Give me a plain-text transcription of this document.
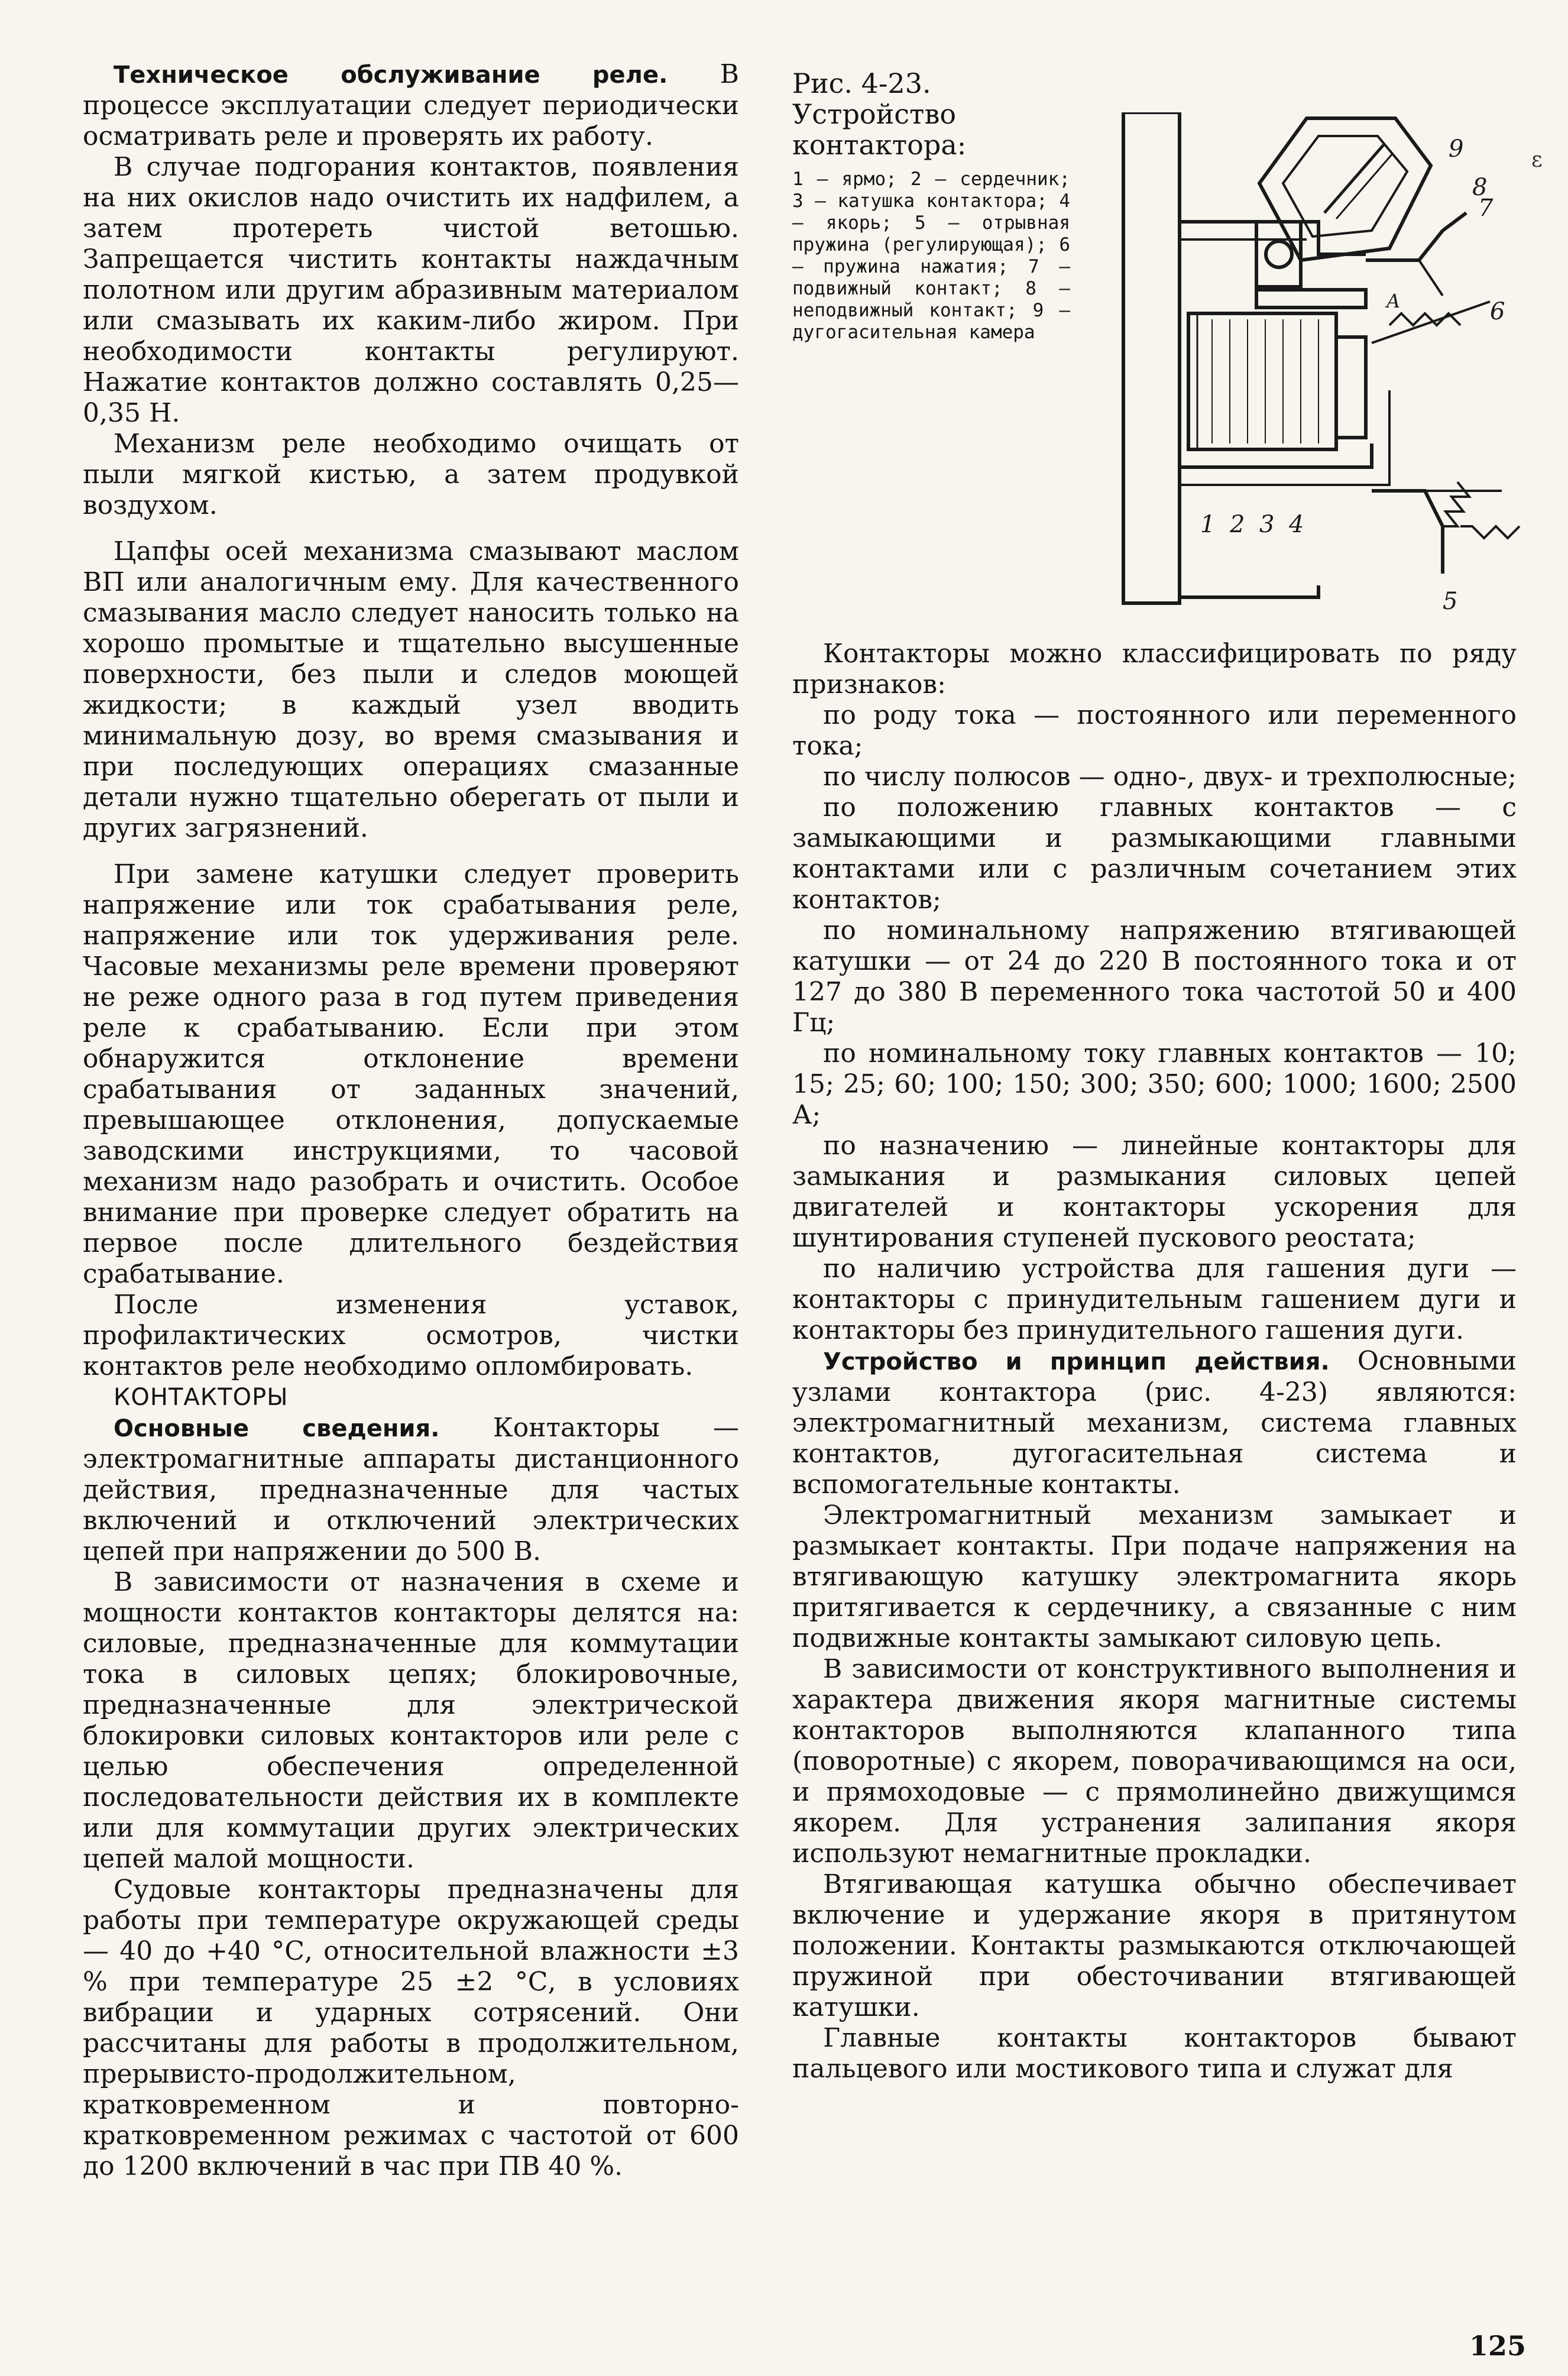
Техническое обслуживание реле. В процессе эксплуатации следует периодически осматривать реле и проверять их работу.

В случае подгорания контактов, появления на них окислов надо очистить их надфилем, а затем протереть чистой ветошью. Запрещается чистить контакты наждачным полотном или другим абразивным материалом или смазывать их каким-либо жиром. При необходимости контакты регулируют. Нажатие контактов должно составлять 0,25—0,35 Н.

Механизм реле необходимо очищать от пыли мягкой кистью, а затем продувкой воздухом.

Цапфы осей механизма смазывают маслом ВП или аналогичным ему. Для качественного смазывания масло следует наносить только на хорошо промытые и тщательно высушенные поверхности, без пыли и следов моющей жидкости; в каждый узел вводить минимальную дозу, во время смазывания и при последующих операциях смазанные детали нужно тщательно оберегать от пыли и других загрязнений.

При замене катушки следует проверить напряжение или ток срабатывания реле, напряжение или ток удерживания реле. Часовые механизмы реле времени проверяют не реже одного раза в год путем приведения реле к срабатыванию. Если при этом обнаружится отклонение времени срабатывания от заданных значений, превышающее отклонения, допускаемые заводскими инструкциями, то часовой механизм надо разобрать и очистить. Особое внимание при проверке следует обратить на первое после длительного бездействия срабатывание.

После изменения уставок, профилактических осмотров, чистки контактов реле необходимо опломбировать.

КОНТАКТОРЫ

Основные сведения. Контакторы — электромагнитные аппараты дистанционного действия, предназначенные для частых включений и отключений электрических цепей при напряжении до 500 В.

В зависимости от назначения в схеме и мощности контактов контакторы делятся на: силовые, предназначенные для коммутации тока в силовых цепях; блокировочные, предназначенные для электрической блокировки силовых контакторов или реле с целью обеспечения определенной последовательности действия их в комплекте или для коммутации других электрических цепей малой мощности.

Судовые контакторы предназначены для работы при температуре окружающей среды — 40 до +40 °С, относительной влажности ±3 % при температуре 25 ±2 °С, в условиях вибрации и ударных сотрясений. Они рассчитаны для работы в продолжительном, прерывисто-продолжительном, кратковременном и повторно-кратковременном режимах с частотой от 600 до 1200 включений в час при ПВ 40 %.

Рис. 4-23. Устройство контактора:

1 — ярмо; 2 — сердечник; 3 — катушка контактора; 4 — якорь; 5 — отрывная пружина (регулирующая); 6 — пружина нажатия; 7 — подвижный контакт; 8 — неподвижный контакт; 9 — дугогасительная камера
1 2 3 4
5
6
7
8
9
A
ε

Контакторы можно классифицировать по ряду признаков:

по роду тока — постоянного или переменного тока;

по числу полюсов — одно-, двух- и трехполюсные;

по положению главных контактов — с замыкающими и размыкающими главными контактами или с различным сочетанием этих контактов;

по номинальному напряжению втягивающей катушки — от 24 до 220 В постоянного тока и от 127 до 380 В переменного тока частотой 50 и 400 Гц;

по номинальному току главных контактов — 10; 15; 25; 60; 100; 150; 300; 350; 600; 1000; 1600; 2500 А;

по назначению — линейные контакторы для замыкания и размыкания силовых цепей двигателей и контакторы ускорения для шунтирования ступеней пускового реостата;

по наличию устройства для гашения дуги — контакторы с принудительным гашением дуги и контакторы без принудительного гашения дуги.

Устройство и принцип действия. Основными узлами контактора (рис. 4-23) являются: электромагнитный механизм, система главных контактов, дугогасительная система и вспомогательные контакты.

Электромагнитный механизм замыкает и размыкает контакты. При подаче напряжения на втягивающую катушку электромагнита якорь притягивается к сердечнику, а связанные с ним подвижные контакты замыкают силовую цепь.

В зависимости от конструктивного выполнения и характера движения якоря магнитные системы контакторов выполняются клапанного типа (поворотные) с якорем, поворачивающимся на оси, и прямоходовые — с прямолинейно движущимся якорем. Для устранения залипания якоря используют немагнитные прокладки.

Втягивающая катушка обычно обеспечивает включение и удержание якоря в притянутом положении. Контакты размыкаются отключающей пружиной при обесточивании втягивающей катушки.

Главные контакты контакторов бывают пальцевого или мостикового типа и служат для

125
